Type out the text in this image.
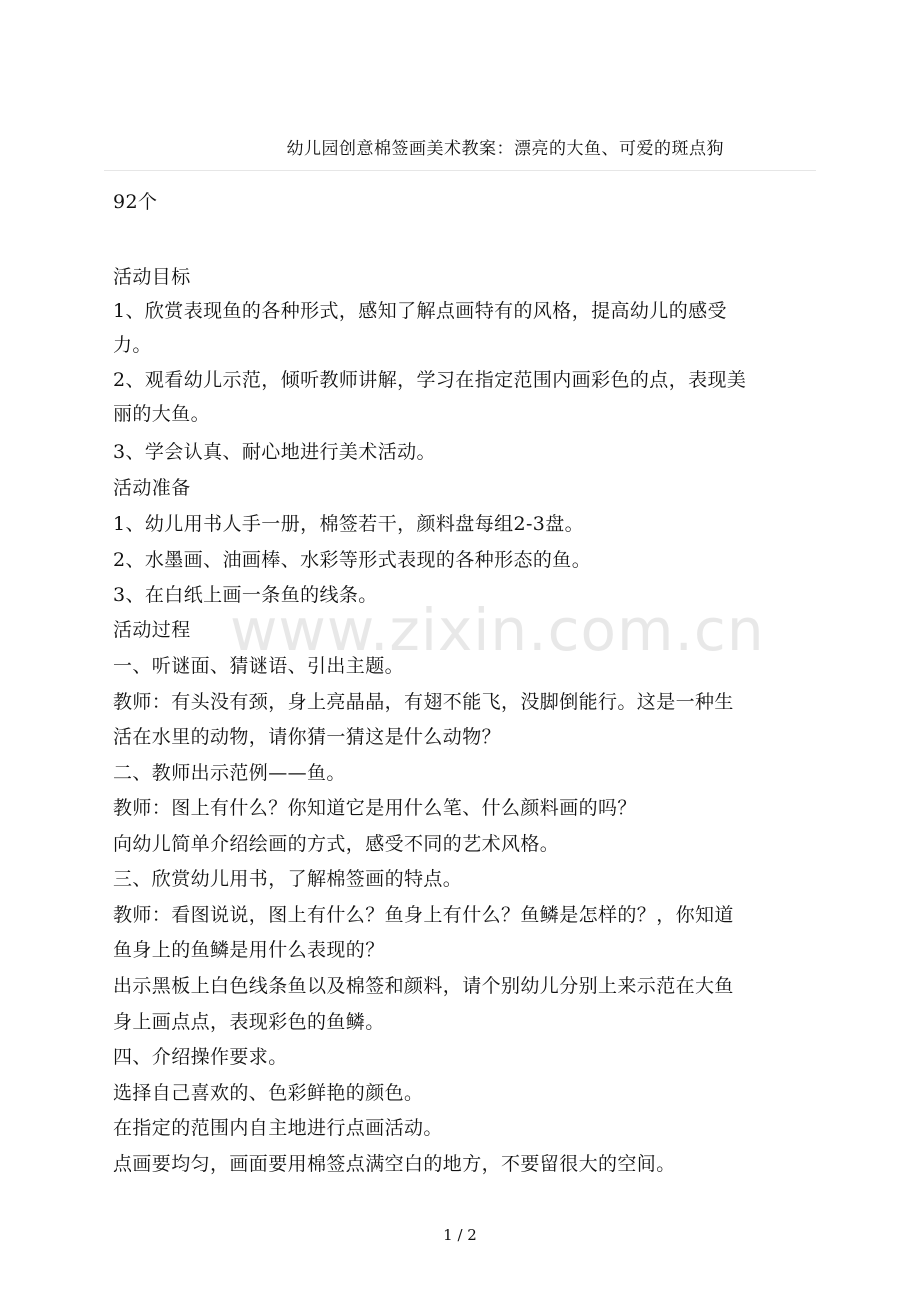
幼儿园创意棉签画美术教案：漂亮的大鱼、可爱的斑点狗
92个
活动目标
1、欣赏表现鱼的各种形式，感知了解点画特有的风格，提高幼儿的感受
力。
2、观看幼儿示范，倾听教师讲解，学习在指定范围内画彩色的点，表现美
丽的大鱼。
3、学会认真、耐心地进行美术活动。
活动准备
1、幼儿用书人手一册，棉签若干，颜料盘每组2-3盘。
2、水墨画、油画棒、水彩等形式表现的各种形态的鱼。
3、在白纸上画一条鱼的线条。
活动过程
一、听谜面、猜谜语、引出主题。
教师：有头没有颈，身上亮晶晶，有翅不能飞，没脚倒能行。这是一种生
活在水里的动物，请你猜一猜这是什么动物？
二、教师出示范例——鱼。
教师：图上有什么？你知道它是用什么笔、什么颜料画的吗？
向幼儿简单介绍绘画的方式，感受不同的艺术风格。
三、欣赏幼儿用书，了解棉签画的特点。
教师：看图说说，图上有什么？鱼身上有什么？鱼鳞是怎样的？，你知道
鱼身上的鱼鳞是用什么表现的？
出示黑板上白色线条鱼以及棉签和颜料，请个别幼儿分别上来示范在大鱼
身上画点点，表现彩色的鱼鳞。
四、介绍操作要求。
选择自己喜欢的、色彩鲜艳的颜色。
在指定的范围内自主地进行点画活动。
点画要均匀，画面要用棉签点满空白的地方，不要留很大的空间。
www.zixin.com.cn
1 / 2
